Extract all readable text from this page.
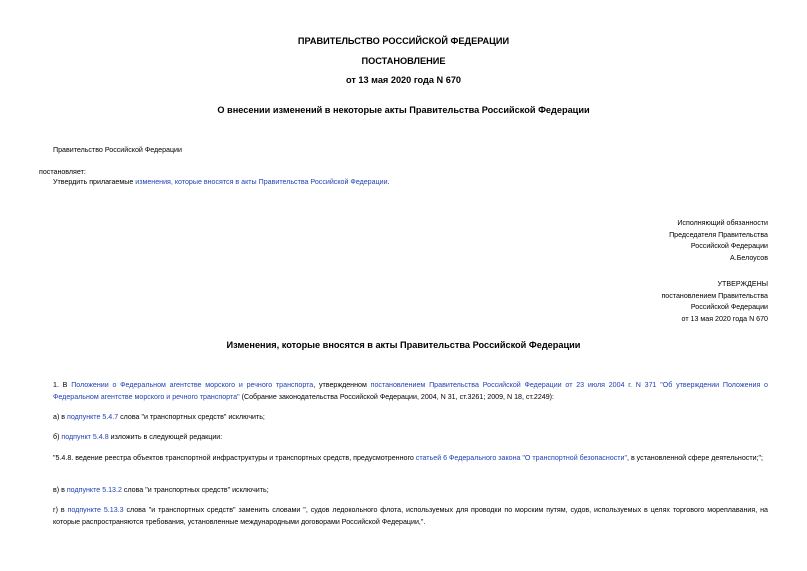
ПРАВИТЕЛЬСТВО РОССИЙСКОЙ ФЕДЕРАЦИИ
ПОСТАНОВЛЕНИЕ
от 13 мая 2020 года N 670
О внесении изменений в некоторые акты Правительства Российской Федерации
Правительство Российской Федерации
постановляет:
Утвердить прилагаемые изменения, которые вносятся в акты Правительства Российской Федерации.
Исполняющий обязанности
Председателя Правительства
Российской Федерации
А.Белоусов
УТВЕРЖДЕНЫ
постановлением Правительства
Российской Федерации
от 13 мая 2020 года N 670
Изменения, которые вносятся в акты Правительства Российской Федерации
1. В Положении о Федеральном агентстве морского и речного транспорта, утвержденном постановлением Правительства Российской Федерации от 23 июля 2004 г. N 371 "Об утверждении Положения о Федеральном агентстве морского и речного транспорта" (Собрание законодательства Российской Федерации, 2004, N 31, ст.3261; 2009, N 18, ст.2249):
а) в подпункте 5.4.7 слова "и транспортных средств" исключить;
б) подпункт 5.4.8 изложить в следующей редакции:
"5.4.8. ведение реестра объектов транспортной инфраструктуры и транспортных средств, предусмотренного статьей 6 Федерального закона "О транспортной безопасности", в установленной сфере деятельности;";
в) в подпункте 5.13.2 слова "и транспортных средств" исключить;
г) в подпункте 5.13.3 слова "и транспортных средств" заменить словами ", судов ледокольного флота, используемых для проводки по морским путям, судов, используемых в целях торгового мореплавания, на которые распространяются требования, установленные международными договорами Российской Федерации,".
